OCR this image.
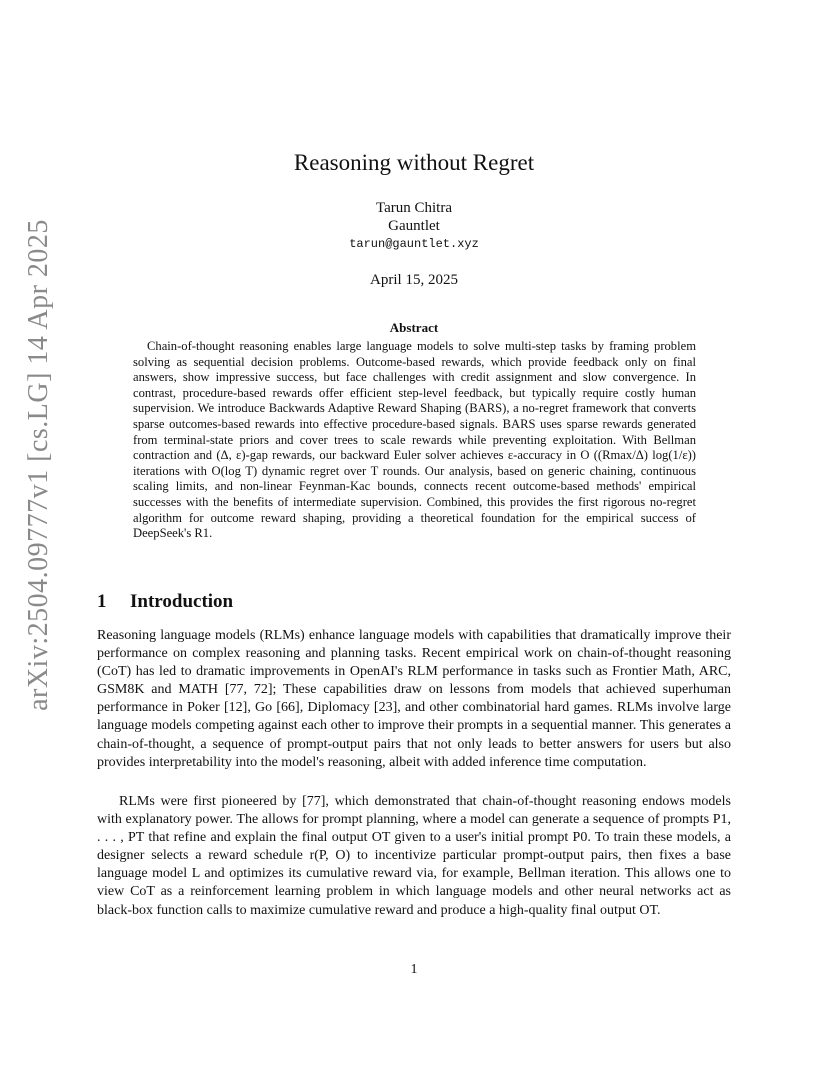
arXiv:2504.09777v1 [cs.LG] 14 Apr 2025
Reasoning without Regret
Tarun Chitra
Gauntlet
tarun@gauntlet.xyz
April 15, 2025
Abstract

Chain-of-thought reasoning enables large language models to solve multi-step tasks by framing problem solving as sequential decision problems. Outcome-based rewards, which provide feedback only on final answers, show impressive success, but face challenges with credit assignment and slow convergence. In contrast, procedure-based rewards offer efficient step-level feedback, but typically require costly human supervision. We introduce Backwards Adaptive Reward Shaping (BARS), a no-regret framework that converts sparse outcomes-based rewards into effective procedure-based signals. BARS uses sparse rewards generated from terminal-state priors and cover trees to scale rewards while preventing exploitation. With Bellman contraction and (Δ, ε)-gap rewards, our backward Euler solver achieves ε-accuracy in O ((Rmax/Δ) log(1/ε)) iterations with O(log T) dynamic regret over T rounds. Our analysis, based on generic chaining, continuous scaling limits, and non-linear Feynman-Kac bounds, connects recent outcome-based methods' empirical successes with the benefits of intermediate supervision. Combined, this provides the first rigorous no-regret algorithm for outcome reward shaping, providing a theoretical foundation for the empirical success of DeepSeek's R1.

1 Introduction

Reasoning language models (RLMs) enhance language models with capabilities that dramatically improve their performance on complex reasoning and planning tasks. Recent empirical work on chain-of-thought reasoning (CoT) has led to dramatic improvements in OpenAI's RLM performance in tasks such as Frontier Math, ARC, GSM8K and MATH [77, 72]; These capabilities draw on lessons from models that achieved superhuman performance in Poker [12], Go [66], Diplomacy [23], and other combinatorial hard games. RLMs involve large language models competing against each other to improve their prompts in a sequential manner. This generates a chain-of-thought, a sequence of prompt-output pairs that not only leads to better answers for users but also provides interpretability into the model's reasoning, albeit with added inference time computation.

RLMs were first pioneered by [77], which demonstrated that chain-of-thought reasoning endows models with explanatory power. The allows for prompt planning, where a model can generate a sequence of prompts P1, . . . , PT that refine and explain the final output OT given to a user's initial prompt P0. To train these models, a designer selects a reward schedule r(P, O) to incentivize particular prompt-output pairs, then fixes a base language model L and optimizes its cumulative reward via, for example, Bellman iteration. This allows one to view CoT as a reinforcement learning problem in which language models and other neural networks act as black-box function calls to maximize cumulative reward and produce a high-quality final output OT.

1
